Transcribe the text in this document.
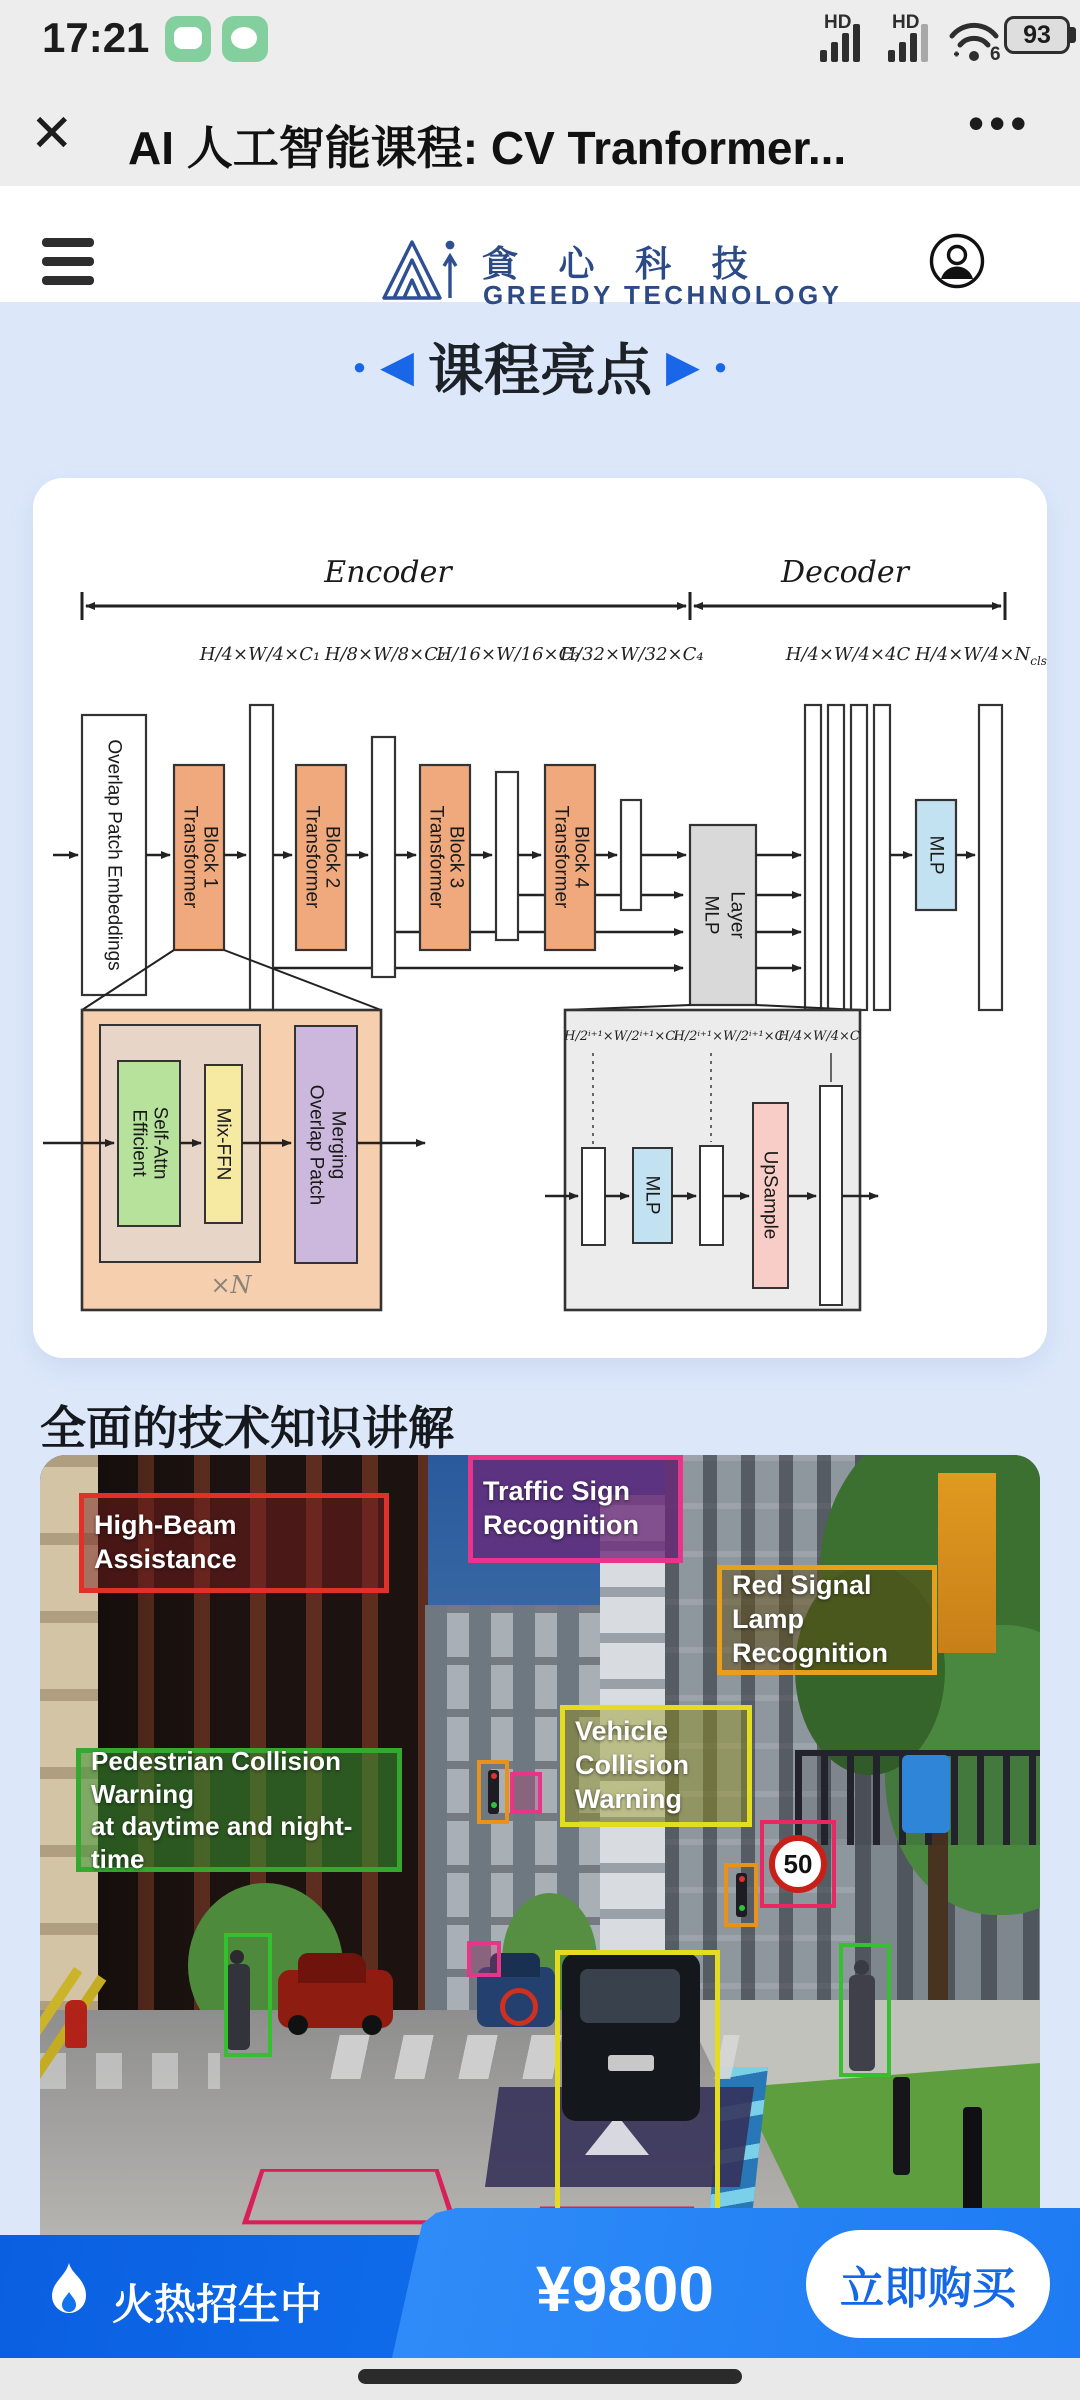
17:21	HD HD
6
93
✕ AI 人工智能课程: CV Tranformer...	•••
貪 心 科 技
GREEDY TECHNOLOGY
● ◀ 课程亮点 ▶ ●
Encoder	Decoder
H/4×W/4×C₁ H/8×W/8×C₂
H/16×W/16×C₃
H/32×W/32×C₄	H/4×W/4×4C $H/4\times W/4\times N_{cls}$
Overlap Patch Embeddings	Transformer Block 1	Transformer Block 2	Transformer Block 3	Transformer Block 4
MLP Layer
MLP
Efficient Self-Attn Mix-FFN	Overlap Patch Merging
×N
H/2ⁱ⁺¹×W/2ⁱ⁺¹×Cᵢ
H/2ⁱ⁺¹×W/2ⁱ⁺¹×C
H/4×W/4×C
MLP	UpSample
全面的技术知识讲解
High-Beam Assistance
Traffic Sign
Recognition
Red Signal Lamp
Recognition
Vehicle Collision
Warning
Pedestrian Collision Warning
at daytime and night-time	50
火热招生中	¥9800	立即购买
